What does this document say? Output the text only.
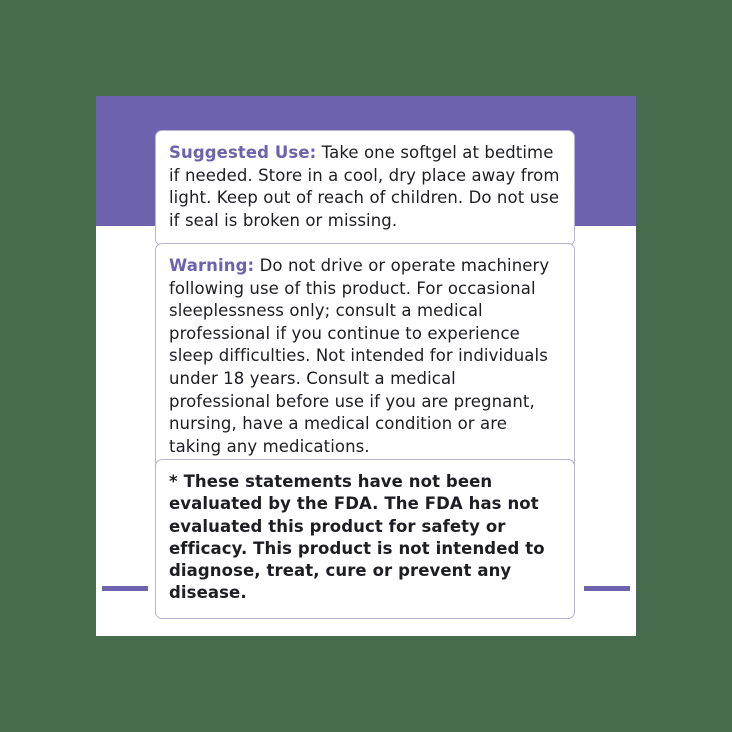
Suggested Use: Take one softgel at bedtime if needed. Store in a cool, dry place away from light. Keep out of reach of children. Do not use if seal is broken or missing.

Warning: Do not drive or operate machinery following use of this product. For occasional sleeplessness only; consult a medical professional if you continue to experience sleep difficulties. Not intended for individuals under 18 years. Consult a medical professional before use if you are pregnant, nursing, have a medical condition or are taking any medications.

* These statements have not been evaluated by the FDA. The FDA has not evaluated this product for safety or efficacy. This product is not intended to diagnose, treat, cure or prevent any disease.
